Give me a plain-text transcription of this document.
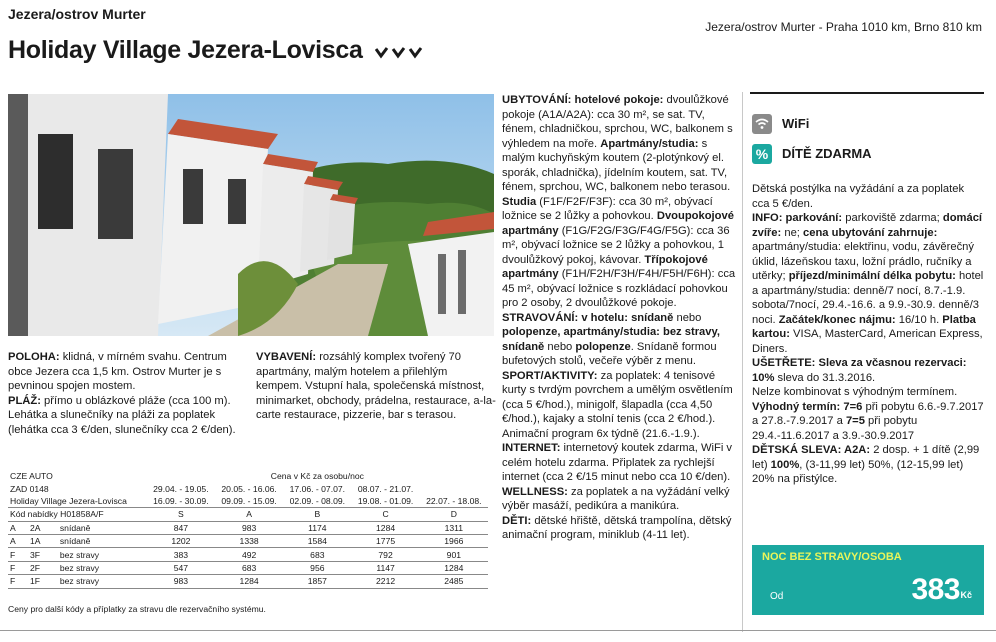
Jezera/ostrov Murter
Jezera/ostrov Murter - Praha 1010 km, Brno 810 km
Holiday Village Jezera-Lovisca
POLOHA: klidná, v mírném svahu. Centrum obce Jezera cca 1,5 km. Ostrov Murter je s pevninou spojen mostem.
PLÁŽ: přímo u oblázkové pláže (cca 100 m). Lehátka a slunečníky na pláži za poplatek (lehátka cca 3 €/den, slunečníky cca 2 €/den).
VYBAVENÍ: rozsáhlý komplex tvořený 70 apartmány, malým hotelem a přilehlým kempem. Vstupní hala, společenská místnost, minimarket, obchody, prádelna, restaurace, a-la-carte restaurace, pizzerie, bar s terasou.
CZE AUTO			Cena v Kč za osobu/noc				
ZAD 0148			29.04. - 19.05.	20.05. - 16.06.	17.06. - 07.07.	08.07. - 21.07.	
Holiday Village Jezera-Lovisca			16.09. - 30.09.	09.09. - 15.09.	02.09. - 08.09.	19.08. - 01.09.	22.07. - 18.08.
Kód nabídky H01858A/F			S	A	B	C	D
A	2A	snídaně	847	983	1174	1284	1311
A	1A	snídaně	1202	1338	1584	1775	1966
F	3F	bez stravy	383	492	683	792	901
F	2F	bez stravy	547	683	956	1147	1284
F	1F	bez stravy	983	1284	1857	2212	2485
Ceny pro další kódy a příplatky za stravu dle rezervačního systému.
UBYTOVÁNÍ: hotelové pokoje: dvoulůžkové pokoje (A1A/A2A): cca 30 m², se sat. TV, fénem, chladničkou, sprchou, WC, balkonem s výhledem na moře. Apartmány/studia: s malým kuchyňským koutem (2-plotýnkový el. sporák, chladnička), jídelním koutem, sat. TV, fénem, sprchou, WC, balkonem nebo terasou. Studia (F1F/F2F/F3F): cca 30 m², obývací ložnice se 2 lůžky a pohovkou. Dvoupokojové apartmány (F1G/F2G/F3G/F4G/F5G): cca 36 m², obývací ložnice se 2 lůžky a pohovkou, 1 dvoulůžkový pokoj, kávovar. Třípokojové apartmány (F1H/F2H/F3H/F4H/F5H/F6H): cca 45 m², obývací ložnice s rozkládací pohovkou pro 2 osoby, 2 dvoulůžkové pokoje.
STRAVOVÁNÍ: v hotelu: snídaně nebo polopenze, apartmány/studia: bez stravy, snídaně nebo polopenze. Snídaně formou bufetových stolů, večeře výběr z menu.
SPORT/AKTIVITY: za poplatek: 4 tenisové kurty s tvrdým povrchem a umělým osvětlením (cca 5 €/hod.), minigolf, šlapadla (cca 4,50 €/hod.), kajaky a stolní tenis (cca 2 €/hod.). Animační program 6x týdně (21.6.-1.9.).
INTERNET: internetový koutek zdarma, WiFi v celém hotelu zdarma. Připlatek za rychlejší internet (cca 2 €/15 minut nebo cca 10 €/den).
WELLNESS: za poplatek a na vyžádání velký výběr masáží, pedikúra a manikúra.
DĚTI: dětské hřiště, dětská trampolína, dětský animační program, miniklub (4-11 let).
WiFi
% DÍTĚ ZDARMA
Dětská postýlka na vyžádání a za poplatek cca 5 €/den.
INFO: parkování: parkoviště zdarma; domácí zvíře: ne; cena ubytování zahrnuje: apartmány/studia: elektřinu, vodu, závěrečný úklid, lázeňskou taxu, ložní prádlo, ručníky a utěrky; příjezd/minimální délka pobytu: hotel a apartmány/studia: denně/7 nocí, 8.7.-1.9. sobota/7nocí, 29.4.-16.6. a 9.9.-30.9. denně/3 noci. Začátek/konec nájmu: 16/10 h. Platba kartou: VISA, MasterCard, American Express, Diners.
UŠETŘETE: Sleva za včasnou rezervaci: 10% sleva do 31.3.2016.
Nelze kombinovat s výhodným termínem.
Výhodný termín: 7=6 při pobytu 6.6.-9.7.2017 a 27.8.-7.9.2017 a 7=5 při pobytu 29.4.-11.6.2017 a 3.9.-30.9.2017
DĚTSKÁ SLEVA: A2A: 2 dosp. + 1 dítě (2,99 let) 100%, (3-11,99 let) 50%, (12-15,99 let) 20% na přistýlce.
NOC BEZ STRAVY/OSOBA
Od	383 Kč
